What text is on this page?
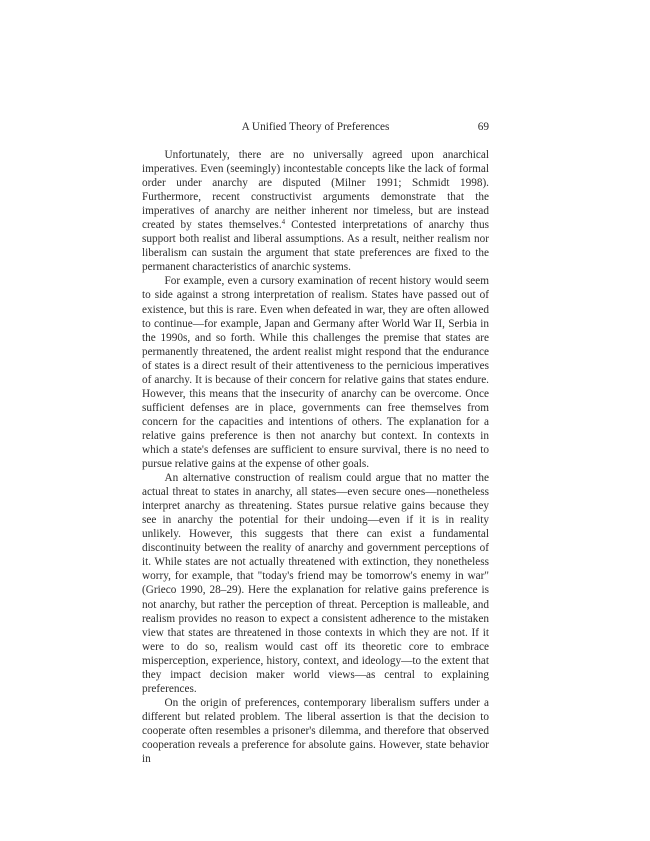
A Unified Theory of Preferences	69

Unfortunately, there are no universally agreed upon anarchical imperatives. Even (seemingly) incontestable concepts like the lack of formal order under anarchy are disputed (Milner 1991; Schmidt 1998). Furthermore, recent constructivist arguments demonstrate that the imperatives of anarchy are neither inherent nor timeless, but are instead created by states themselves.$^4$ Contested interpretations of anarchy thus support both realist and liberal assumptions. As a result, neither realism nor liberalism can sustain the argument that state preferences are fixed to the permanent characteristics of anarchic systems.

For example, even a cursory examination of recent history would seem to side against a strong interpretation of realism. States have passed out of existence, but this is rare. Even when defeated in war, they are often allowed to continue—for example, Japan and Germany after World War II, Serbia in the 1990s, and so forth. While this challenges the premise that states are permanently threatened, the ardent realist might respond that the endurance of states is a direct result of their attentiveness to the pernicious imperatives of anarchy. It is because of their concern for relative gains that states endure. However, this means that the insecurity of anarchy can be overcome. Once sufficient defenses are in place, governments can free themselves from concern for the capacities and intentions of others. The explanation for a relative gains preference is then not anarchy but context. In contexts in which a state's defenses are sufficient to ensure survival, there is no need to pursue relative gains at the expense of other goals.

An alternative construction of realism could argue that no matter the actual threat to states in anarchy, all states—even secure ones—nonetheless interpret anarchy as threatening. States pursue relative gains because they see in anarchy the potential for their undoing—even if it is in reality unlikely. However, this suggests that there can exist a fundamental discontinuity between the reality of anarchy and government perceptions of it. While states are not actually threatened with extinction, they nonetheless worry, for example, that "today's friend may be tomorrow's enemy in war" (Grieco 1990, 28–29). Here the explanation for relative gains preference is not anarchy, but rather the perception of threat. Perception is malleable, and realism provides no reason to expect a consistent adherence to the mistaken view that states are threatened in those contexts in which they are not. If it were to do so, realism would cast off its theoretic core to embrace misperception, experience, history, context, and ideology—to the extent that they impact decision maker world views—as central to explaining preferences.

On the origin of preferences, contemporary liberalism suffers under a different but related problem. The liberal assertion is that the decision to cooperate often resembles a prisoner's dilemma, and therefore that observed cooperation reveals a preference for absolute gains. However, state behavior in
